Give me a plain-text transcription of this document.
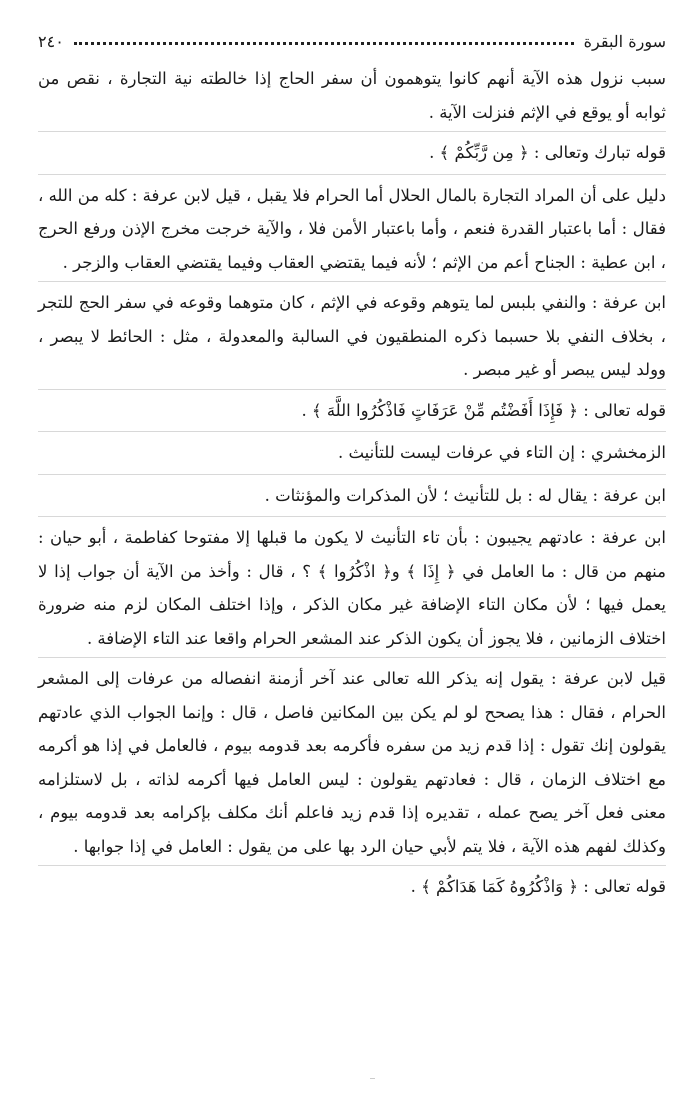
سورة البقرة
٢٤٠

سبب نزول هذه الآية أنهم كانوا يتوهمون أن سفر الحاج إذا خالطته نية التجارة ، نقص من ثوابه أو يوقع في الإثم فنزلت الآية .

قوله تبارك وتعالى : ﴿ مِن رَّبِّكُمْ ﴾ .

دليل على أن المراد التجارة بالمال الحلال أما الحرام فلا يقبل ، قيل لابن عرفة : كله من الله ، فقال : أما باعتبار القدرة فنعم ، وأما باعتبار الأمن فلا ، والآية خرجت مخرج الإذن ورفع الحرج ، ابن عطية : الجناح أعم من الإثم ؛ لأنه فيما يقتضي العقاب وفيما يقتضي العقاب والزجر .

ابن عرفة : والنفي بلبس لما يتوهم وقوعه في الإثم ، كان متوهما وقوعه في سفر الحج للتجر ، بخلاف النفي بلا حسبما ذكره المنطقيون في السالبة والمعدولة ، مثل : الحائط لا يبصر ، وولد ليس يبصر أو غير مبصر .

قوله تعالى : ﴿ فَإِذَا أَفَضْتُم مِّنْ عَرَفَاتٍ فَاذْكُرُوا اللَّهَ ﴾ .

الزمخشري : إن التاء في عرفات ليست للتأنيث .

ابن عرفة : يقال له : بل للتأنيث ؛ لأن المذكرات والمؤنثات .

ابن عرفة : عادتهم يجيبون : بأن تاء التأنيث لا يكون ما قبلها إلا مفتوحا كفاطمة ، أبو حيان : منهم من قال : ما العامل في ﴿ إِذَا ﴾ و﴿ اذْكُرُوا ﴾ ؟ ، قال : وأخذ من الآية أن جواب إذا لا يعمل فيها ؛ لأن مكان التاء الإضافة غير مكان الذكر ، وإذا اختلف المكان لزم منه ضرورة اختلاف الزمانين ، فلا يجوز أن يكون الذكر عند المشعر الحرام واقعا عند التاء الإضافة .

قيل لابن عرفة : يقول إنه يذكر الله تعالى عند آخر أزمنة انفصاله من عرفات إلى المشعر الحرام ، فقال : هذا يصحح لو لم يكن بين المكانين فاصل ، قال : وإنما الجواب الذي عادتهم يقولون إنك تقول : إذا قدم زيد من سفره فأكرمه بعد قدومه بيوم ، فالعامل في إذا هو أكرمه مع اختلاف الزمان ، قال : فعادتهم يقولون : ليس العامل فيها أكرمه لذاته ، بل لاستلزامه معنى فعل آخر يصح عمله ، تقديره إذا قدم زيد فاعلم أنك مكلف بإكرامه بعد قدومه بيوم ، وكذلك لفهم هذه الآية ، فلا يتم لأبي حيان الرد بها على من يقول : العامل في إذا جوابها .

قوله تعالى : ﴿ وَاذْكُرُوهُ كَمَا هَدَاكُمْ ﴾ .
